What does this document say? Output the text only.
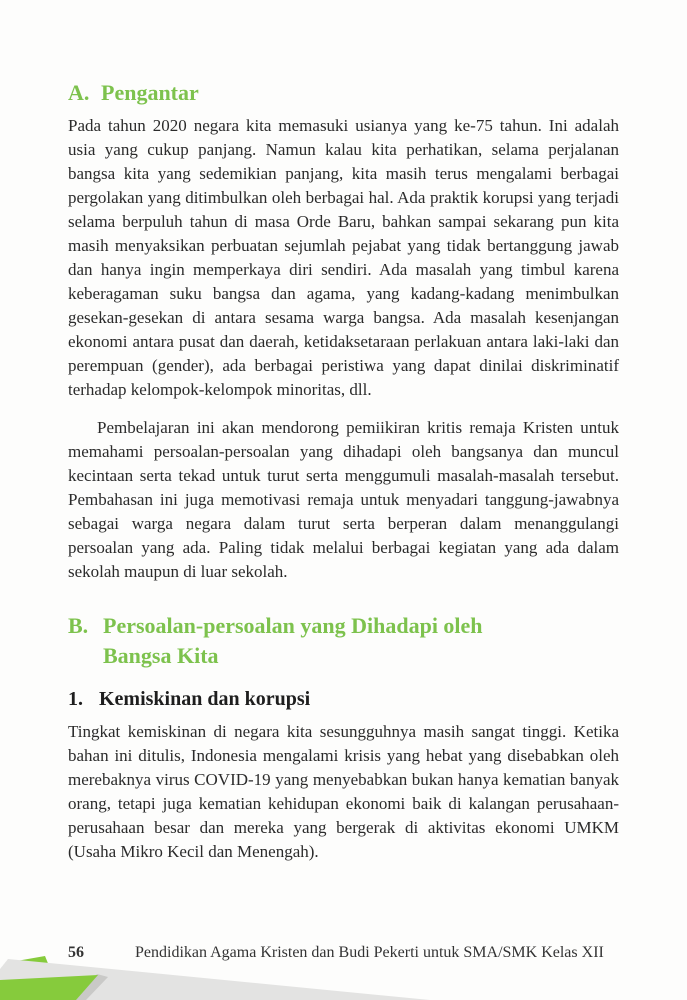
A. Pengantar

Pada tahun 2020 negara kita memasuki usianya yang ke-75 tahun. Ini adalah usia yang cukup panjang. Namun kalau kita perhatikan, selama perjalanan bangsa kita yang sedemikian panjang, kita masih terus mengalami berbagai pergolakan yang ditimbulkan oleh berbagai hal. Ada praktik korupsi yang terjadi selama berpuluh tahun di masa Orde Baru, bahkan sampai sekarang pun kita masih menyaksikan perbuatan sejumlah pejabat yang tidak bertanggung jawab dan hanya ingin memperkaya diri sendiri. Ada masalah yang timbul karena keberagaman suku bangsa dan agama, yang kadang-kadang menimbulkan gesekan-gesekan di antara sesama warga bangsa. Ada masalah kesenjangan ekonomi antara pusat dan daerah, ketidaksetaraan perlakuan antara laki-laki dan perempuan (gender), ada berbagai peristiwa yang dapat dinilai diskriminatif terhadap kelompok-kelompok minoritas, dll.

Pembelajaran ini akan mendorong pemiikiran kritis remaja Kristen untuk memahami persoalan-persoalan yang dihadapi oleh bangsanya dan muncul kecintaan serta tekad untuk turut serta menggumuli masalah-masalah tersebut. Pembahasan ini juga memotivasi remaja untuk menyadari tanggung-jawabnya sebagai warga negara dalam turut serta berperan dalam menanggulangi persoalan yang ada. Paling tidak melalui berbagai kegiatan yang ada dalam sekolah maupun di luar sekolah.

B. Persoalan-persoalan yang Dihadapi oleh Bangsa Kita
1. Kemiskinan dan korupsi

Tingkat kemiskinan di negara kita sesungguhnya masih sangat tinggi. Ketika bahan ini ditulis, Indonesia mengalami krisis yang hebat yang disebabkan oleh merebaknya virus COVID-19 yang menyebabkan bukan hanya kematian banyak orang, tetapi juga kematian kehidupan ekonomi baik di kalangan perusahaan-perusahaan besar dan mereka yang bergerak di aktivitas ekonomi UMKM (Usaha Mikro Kecil dan Menengah).

56	Pendidikan Agama Kristen dan Budi Pekerti untuk SMA/SMK Kelas XII
